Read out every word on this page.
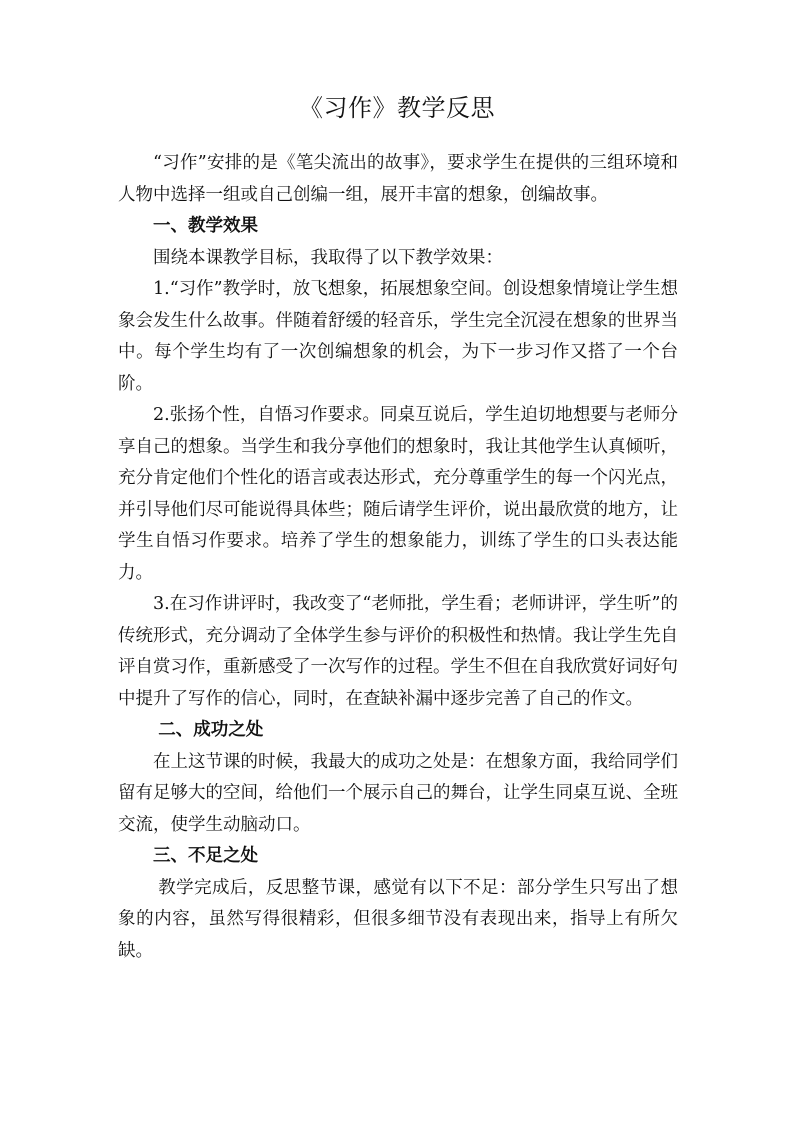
《习作》教学反思

“习作”安排的是《笔尖流出的故事》，要求学生在提供的三组环境和人物中选择一组或自己创编一组，展开丰富的想象，创编故事。

一、教学效果

围绕本课教学目标，我取得了以下教学效果：

1.“习作”教学时，放飞想象，拓展想象空间。创设想象情境让学生想象会发生什么故事。伴随着舒缓的轻音乐，学生完全沉浸在想象的世界当中。每个学生均有了一次创编想象的机会，为下一步习作又搭了一个台阶。

2.张扬个性，自悟习作要求。同桌互说后，学生迫切地想要与老师分享自己的想象。当学生和我分享他们的想象时，我让其他学生认真倾听，充分肯定他们个性化的语言或表达形式，充分尊重学生的每一个闪光点，并引导他们尽可能说得具体些；随后请学生评价，说出最欣赏的地方，让学生自悟习作要求。培养了学生的想象能力，训练了学生的口头表达能力。

3.在习作讲评时，我改变了“老师批，学生看；老师讲评，学生听”的传统形式，充分调动了全体学生参与评价的积极性和热情。我让学生先自评自赏习作，重新感受了一次写作的过程。学生不但在自我欣赏好词好句中提升了写作的信心，同时，在查缺补漏中逐步完善了自己的作文。

二、成功之处

在上这节课的时候，我最大的成功之处是：在想象方面，我给同学们留有足够大的空间，给他们一个展示自己的舞台，让学生同桌互说、全班交流，使学生动脑动口。

三、不足之处

教学完成后，反思整节课，感觉有以下不足：部分学生只写出了想象的内容，虽然写得很精彩，但很多细节没有表现出来，指导上有所欠缺。
